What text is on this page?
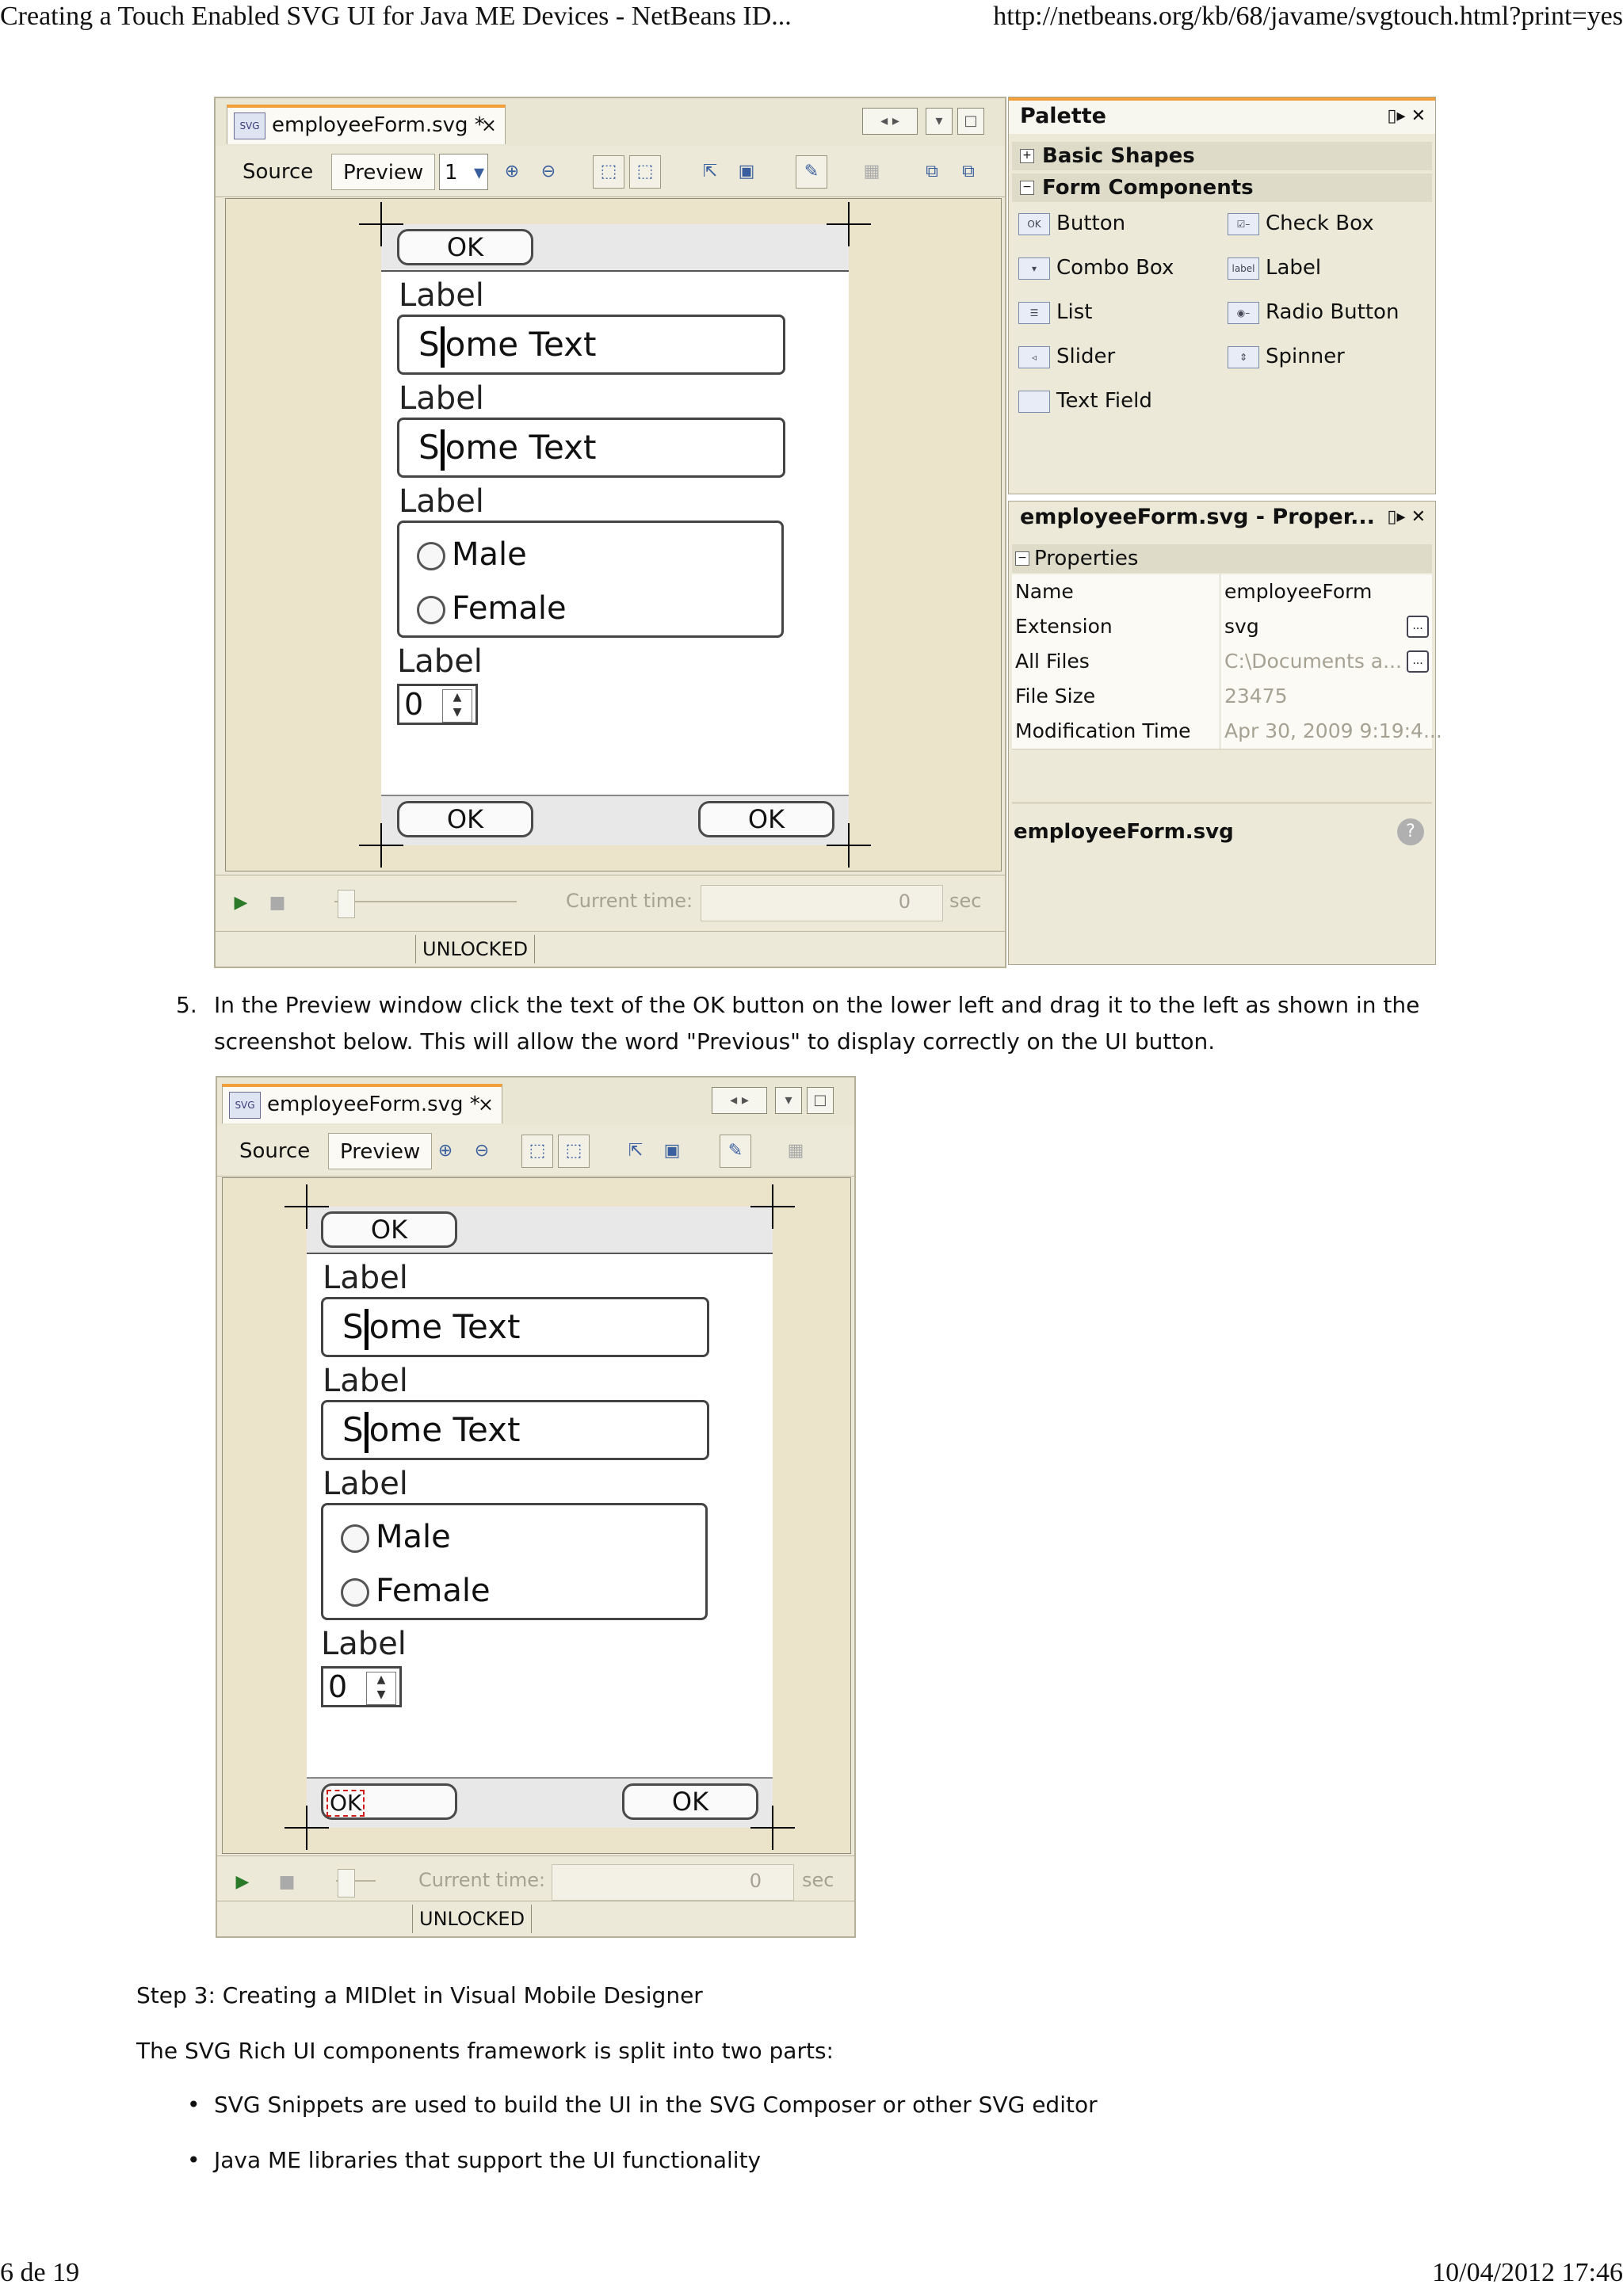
Creating a Touch Enabled SVG UI for Java ME Devices - NetBeans ID...	http://netbeans.org/kb/68/javame/svgtouch.html?print=yes
SVG employeeForm.svg *
×	◂ ▸	▾	□
Source	Preview	1 ▾	⊕	⊖	⬚	⬚	⇱	▣	✎	▦	⧉	⧉
OK
Label
S ome Text
Label
S ome Text
Label
Male
Female
Label
0	▲
▼
OK	OK
▶	■	Current time:	0 sec
UNLOCKED
Palette	▯▸ ✕
+ Basic Shapes
− Form Components
OK Button	☑– Check Box
▾ Combo Box	label Label
☰ List	◉– Radio Button
◃ Slider	⇕ Spinner
Text Field
employeeForm.svg - Proper... ▯▸ ✕
− Properties
Name	employeeForm
Extension	svg	...
All Files	C:\Documents a... ...
File Size	23475
Modification Time Apr 30, 2009 9:19:4...
employeeForm.svg	?
5. In the Preview window click the text of the OK button on the lower left and drag it to the left as shown in the screenshot below. This will allow the word "Previous" to display correctly on the UI button.
SVG employeeForm.svg *
×	◂ ▸	▾	□
Source	Preview	⊕	⊖	⬚	⬚	⇱	▣	✎	▦
OK
Label
S ome Text
Label
S ome Text
Label
Male
Female
Label
0	▲
▼
OK	OK
▶	■	Current time:	0 sec
UNLOCKED
Step 3: Creating a MIDlet in Visual Mobile Designer
The SVG Rich UI components framework is split into two parts:
• SVG Snippets are used to build the UI in the SVG Composer or other SVG editor
• Java ME libraries that support the UI functionality
6 de 19	10/04/2012 17:46
